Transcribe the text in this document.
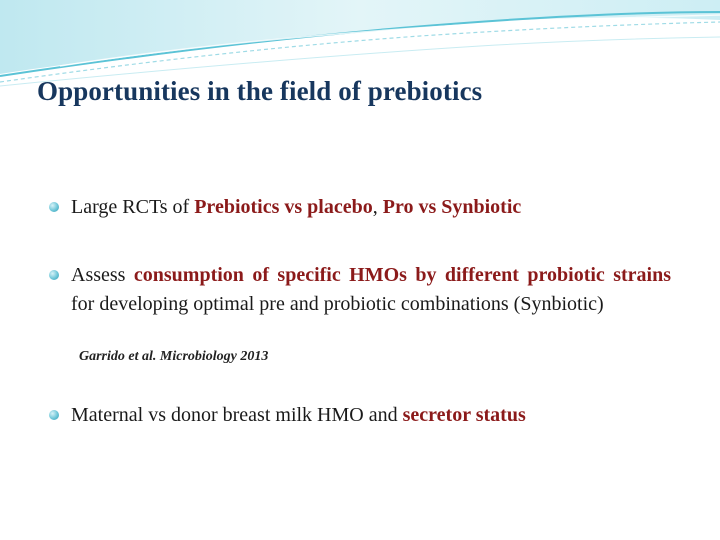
Opportunities in the field of prebiotics
Large RCTs of Prebiotics vs placebo, Pro vs Synbiotic
Assess consumption of specific HMOs by different probiotic strains for developing optimal pre and probiotic combinations (Synbiotic)
Garrido et al. Microbiology 2013
Maternal vs donor breast milk HMO and secretor status
